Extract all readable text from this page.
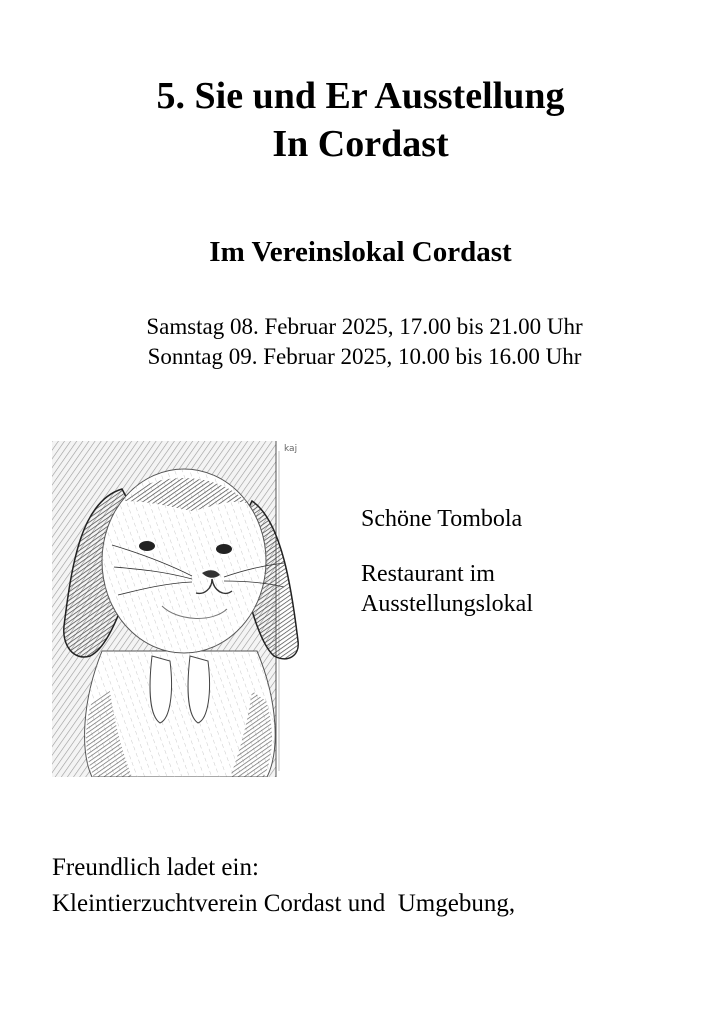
5. Sie und Er Ausstellung
In Cordast
Im Vereinslokal Cordast

Samstag 08. Februar 2025, 17.00 bis 21.00 Uhr

Sonntag 09. Februar 2025, 10.00 bis 16.00 Uhr

kaj

Schöne Tombola

Restaurant im
Ausstellungslokal

Freundlich ladet ein:

Kleintierzuchtverein Cordast und  Umgebung,
